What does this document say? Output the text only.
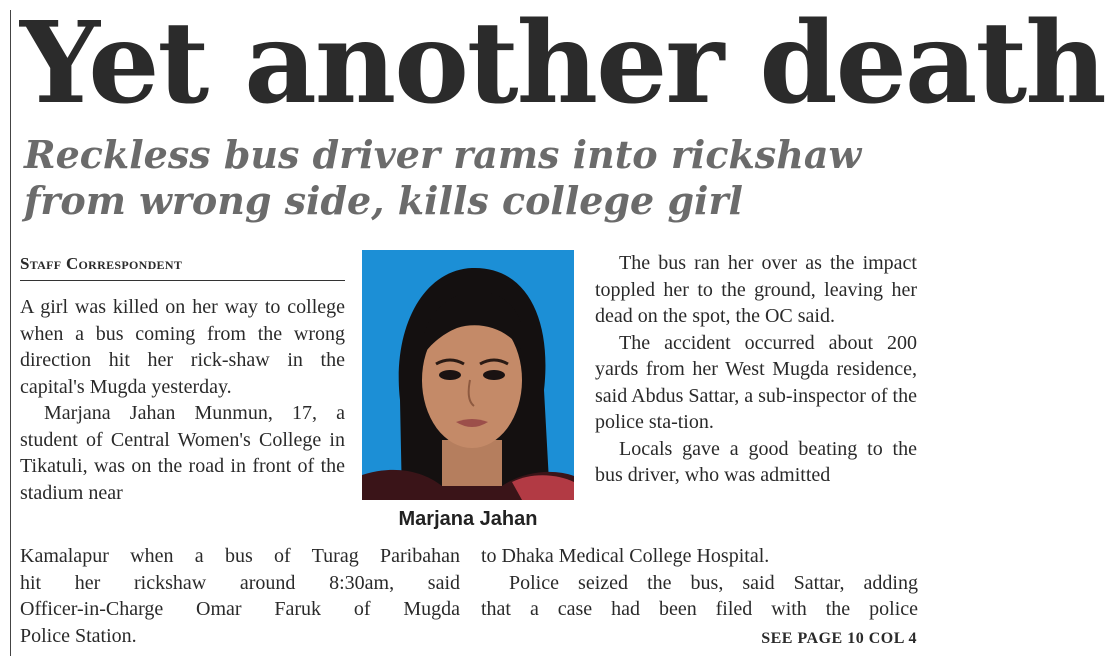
Yet another death
Reckless bus driver rams into rickshaw
from wrong side, kills college girl
Staff Correspondent

A girl was killed on her way to college when a bus coming from the wrong direction hit her rick-shaw in the capital's Mugda yesterday.

Marjana Jahan Munmun, 17, a student of Central Women's College in Tikatuli, was on the road in front of the stadium near

Marjana Jahan

The bus ran her over as the impact toppled her to the ground, leaving her dead on the spot, the OC said.

The accident occurred about 200 yards from her West Mugda residence, said Abdus Sattar, a sub-inspector of the police sta-tion.

Locals gave a good beating to the bus driver, who was admitted

Kamalapur when a bus of Turag Paribahan to Dhaka Medical College Hospital.
hit her rickshaw around 8:30am, said	Police seized the bus, said Sattar, adding
Officer-in-Charge Omar Faruk of Mugda that a case had been filed with the police
Police Station.	SEE PAGE 10 COL 4
